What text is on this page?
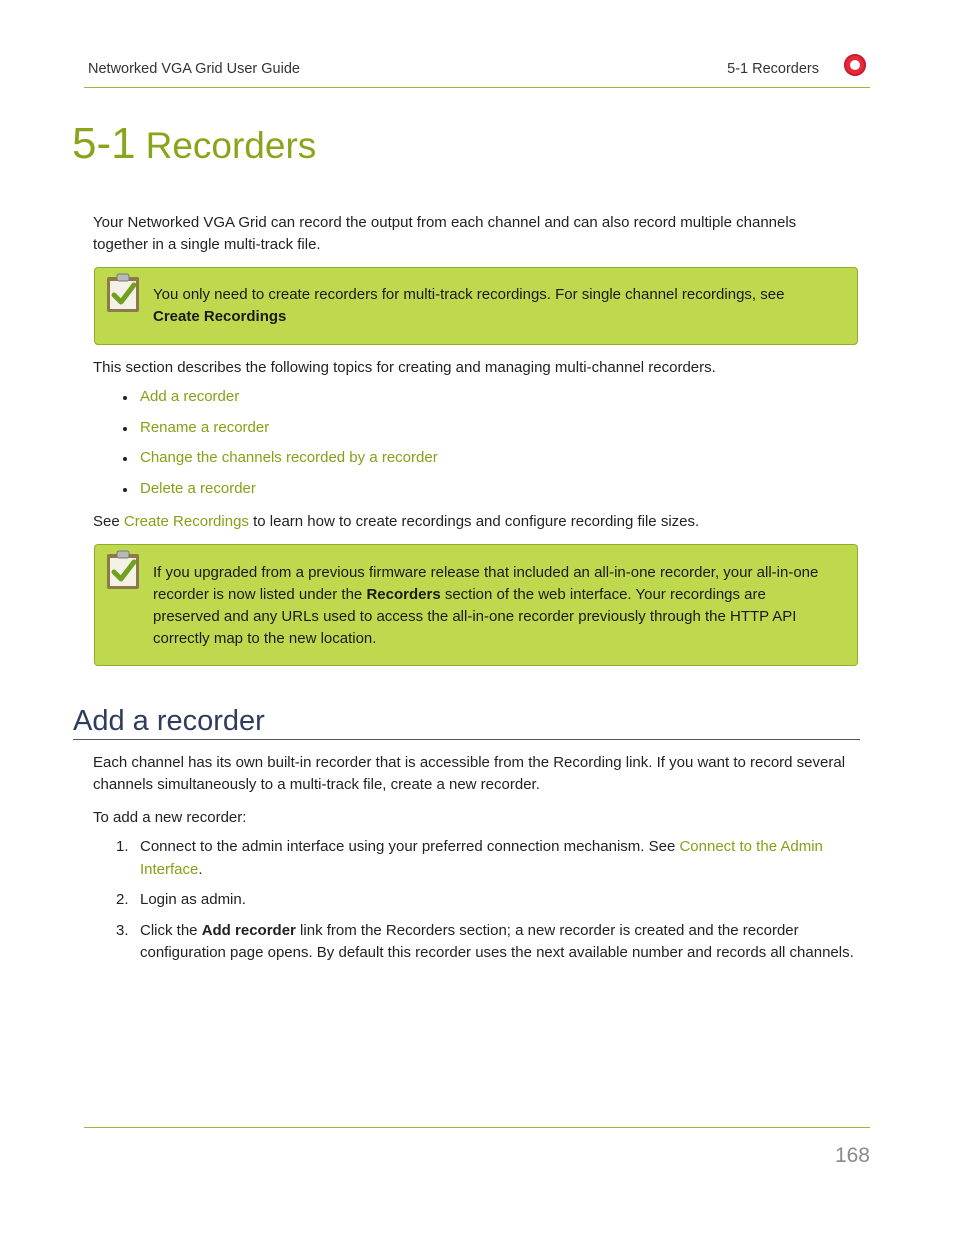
Networked VGA Grid User Guide	5-1 Recorders
5-1 Recorders

Your Networked VGA Grid can record the output from each channel and can also record multiple channels together in a single multi-track file.

You only need to create recorders for multi-track recordings. For single channel recordings, see
Create Recordings

This section describes the following topics for creating and managing multi-channel recorders.

Add a recorder
Rename a recorder
Change the channels recorded by a recorder
Delete a recorder

See Create Recordings to learn how to create recordings and configure recording file sizes.

If you upgraded from a previous firmware release that included an all-in-one recorder, your all-in-one recorder is now listed under the Recorders section of the web interface. Your recordings are preserved and any URLs used to access the all-in-one recorder previously through the HTTP API correctly map to the new location.
Add a recorder

Each channel has its own built-in recorder that is accessible from the Recording link. If you want to record several channels simultaneously to a multi-track file, create a new recorder.

To add a new recorder:

1. Connect to the admin interface using your preferred connection mechanism. See Connect to the Admin Interface.
2. Login as admin.
3. Click the Add recorder link from the Recorders section; a new recorder is created and the recorder configuration page opens. By default this recorder uses the next available number and records all channels.
168
